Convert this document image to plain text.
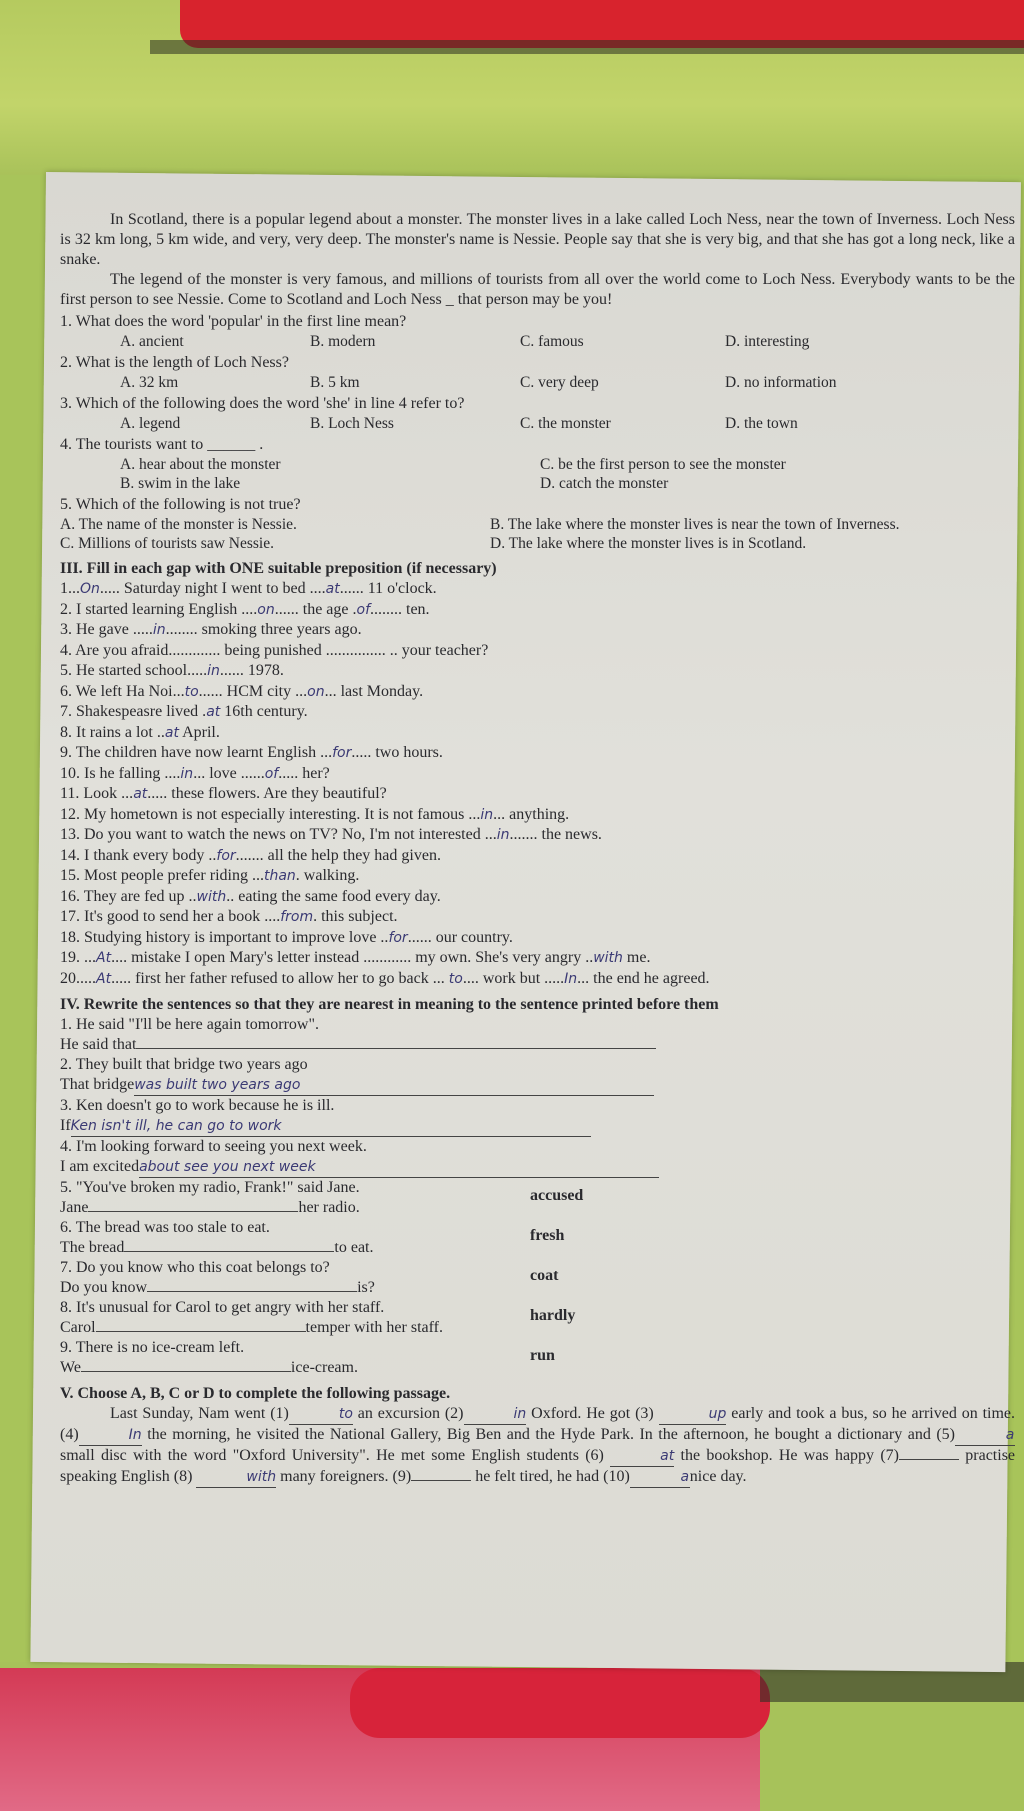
In Scotland, there is a popular legend about a monster. The monster lives in a lake called Loch Ness, near the town of Inverness. Loch Ness is 32 km long, 5 km wide, and very, very deep. The monster's name is Nessie. People say that she is very big, and that she has got a long neck, like a snake.

The legend of the monster is very famous, and millions of tourists from all over the world come to Loch Ness. Everybody wants to be the first person to see Nessie. Come to Scotland and Loch Ness _ that person may be you!

1. What does the word 'popular' in the first line mean?

A. ancient	B. modern	C. famous	D. interesting

2. What is the length of Loch Ness?

A. 32 km	B. 5 km	C. very deep	D. no information

3. Which of the following does the word 'she' in line 4 refer to?

A. legend	B. Loch Ness	C. the monster	D. the town

4. The tourists want to ______ .

A. hear about the monster	C. be the first person to see the monster
B. swim in the lake	D. catch the monster

5. Which of the following is not true?

A. The name of the monster is Nessie.	B. The lake where the monster lives is near the town of Inverness.
C. Millions of tourists saw Nessie.	D. The lake where the monster lives is in Scotland.

III. Fill in each gap with ONE suitable preposition (if necessary)

1...On..... Saturday night I went to bed ....at...... 11 o'clock.
2. I started learning English ....on...... the age .of........ ten.
3. He gave .....in........ smoking three years ago.
4. Are you afraid............. being punished ............... .. your teacher?
5. He started school.....in...... 1978.
6. We left Ha Noi...to...... HCM city ...on... last Monday.
7. Shakespeasre lived .at 16th century.
8. It rains a lot ..at April.
9. The children have now learnt English ...for..... two hours.
10. Is he falling ....in... love ......of..... her?
11. Look ...at..... these flowers. Are they beautiful?
12. My hometown is not especially interesting. It is not famous ...in... anything.
13. Do you want to watch the news on TV? No, I'm not interested ...in....... the news.
14. I thank every body ..for....... all the help they had given.
15. Most people prefer riding ...than. walking.
16. They are fed up ..with.. eating the same food every day.
17. It's good to send her a book ....from. this subject.
18. Studying history is important to improve love ..for...... our country.
19. ...At.... mistake I open Mary's letter instead ............ my own. She's very angry ..with me.
20.....At..... first her father refused to allow her to go back ... to.... work but .....In... the end he agreed.

IV. Rewrite the sentences so that they are nearest in meaning to the sentence printed before them

1. He said "I'll be here again tomorrow".
He said that
2. They built that bridge two years ago
That bridgewas built two years ago
3. Ken doesn't go to work because he is ill.
IfKen isn't ill, he can go to work
4. I'm looking forward to seeing you next week.
I am excitedabout see you next week
5. "You've broken my radio, Frank!" said Jane.
Jane	her radio.
accused
6. The bread was too stale to eat.
The bread	to eat.
fresh
7. Do you know who this coat belongs to?
Do you know	is?
coat
8. It's unusual for Carol to get angry with her staff.
Carol	temper with her staff.
hardly
9. There is no ice-cream left.
We	ice-cream.
run

V. Choose A, B, C or D to complete the following passage.

Last Sunday, Nam went (1)	to an excursion (2)	in Oxford. He got (3)	up early and took a bus, so he arrived on time. (4)	In the morning, he visited the National Gallery, Big Ben and the Hyde Park. In the afternoon, he bought a dictionary and (5)	a small disc with the word "Oxford University". He met some English students (6)	at the bookshop. He was happy (7)	practise speaking English (8)	with many foreigners. (9)	he felt tired, he had (10)	anice day.
